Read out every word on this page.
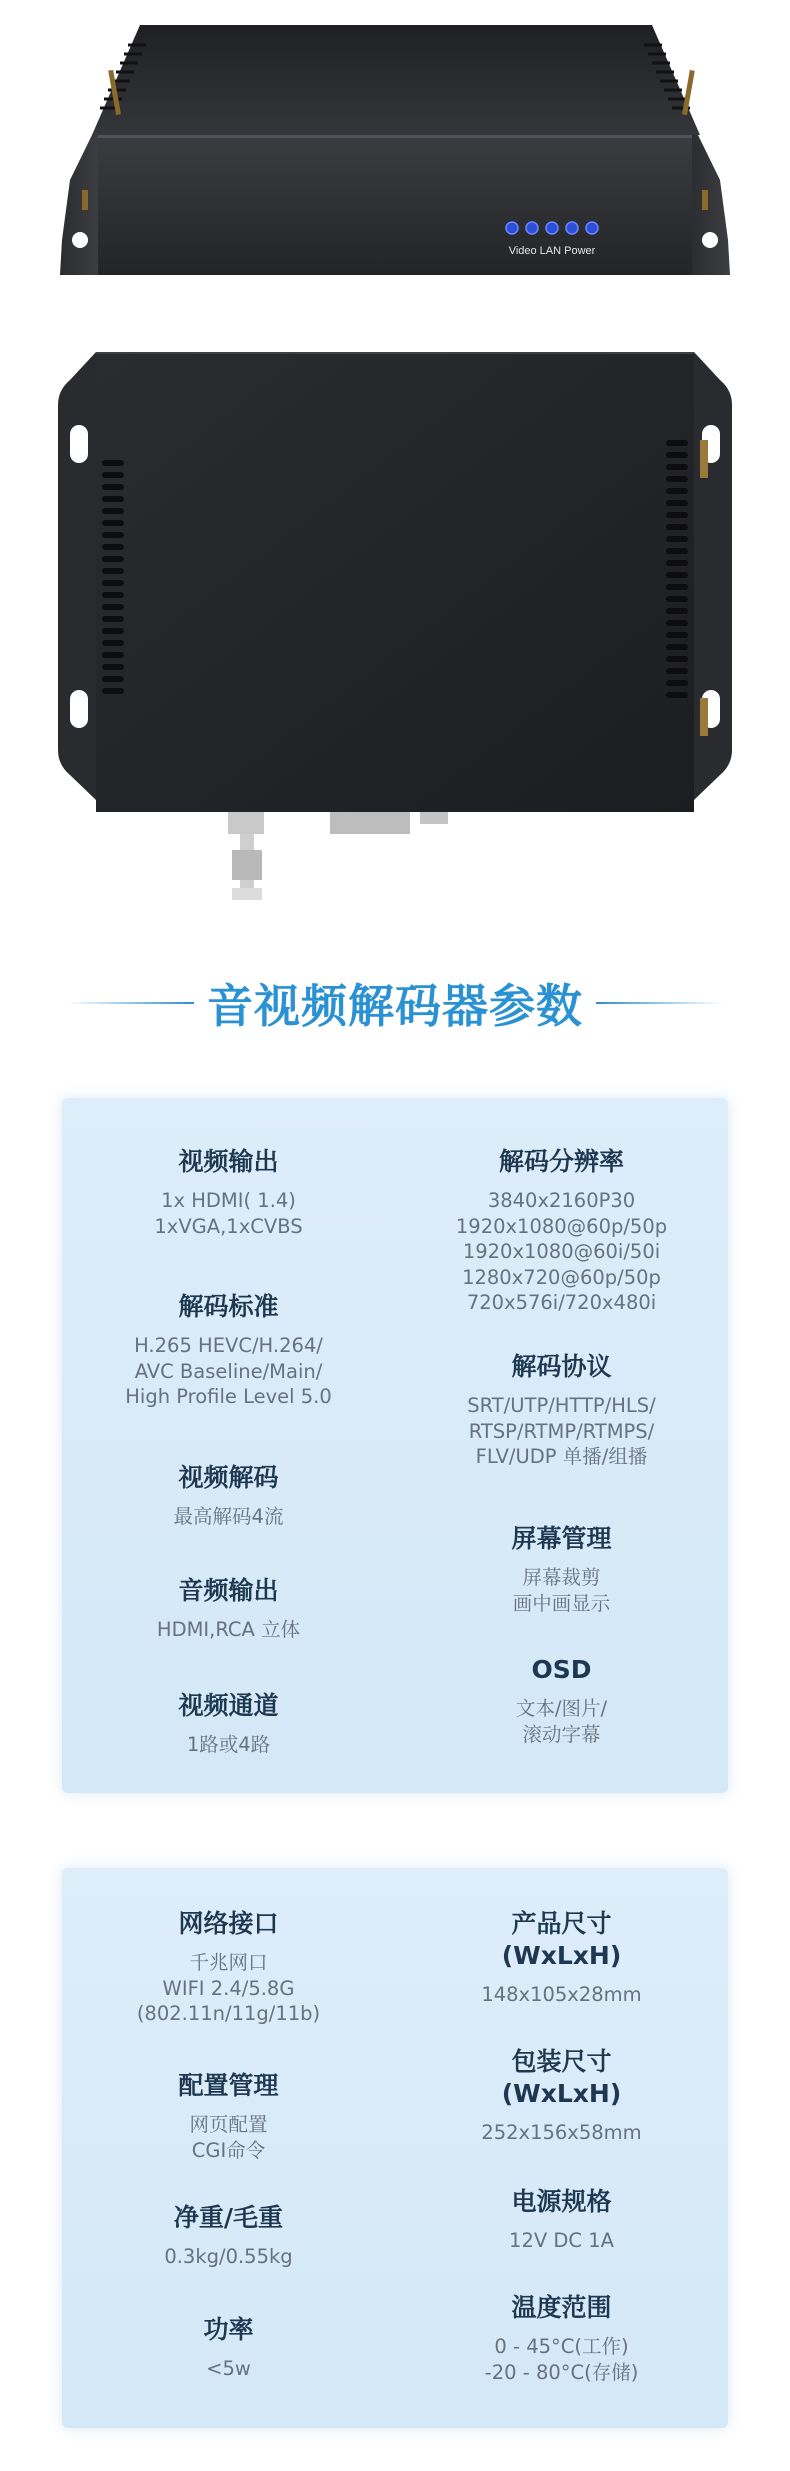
Video LAN Power
音视频解码器参数
视频输出
1x HDMI( 1.4)
1xVGA,1xCVBS
解码标准
H.265 HEVC/H.264/
AVC Baseline/Main/
High Profile Level 5.0
视频解码
最高解码4流
音频输出
HDMI,RCA 立体
视频通道
1路或4路
解码分辨率
3840x2160P30
1920x1080@60p/50p
1920x1080@60i/50i
1280x720@60p/50p
720x576i/720x480i
解码协议
SRT/UTP/HTTP/HLS/
RTSP/RTMP/RTMPS/
FLV/UDP 单播/组播
屏幕管理
屏幕裁剪
画中画显示
OSD
文本/图片/
滚动字幕
网络接口
千兆网口
WIFI 2.4/5.8G
(802.11n/11g/11b)
配置管理
网页配置
CGI命令
净重/毛重
0.3kg/0.55kg
功率
<5w
产品尺寸
(WxLxH)
148x105x28mm
包装尺寸
(WxLxH)
252x156x58mm
电源规格
12V DC 1A
温度范围
0 - 45°C(工作)
-20 - 80°C(存储)
